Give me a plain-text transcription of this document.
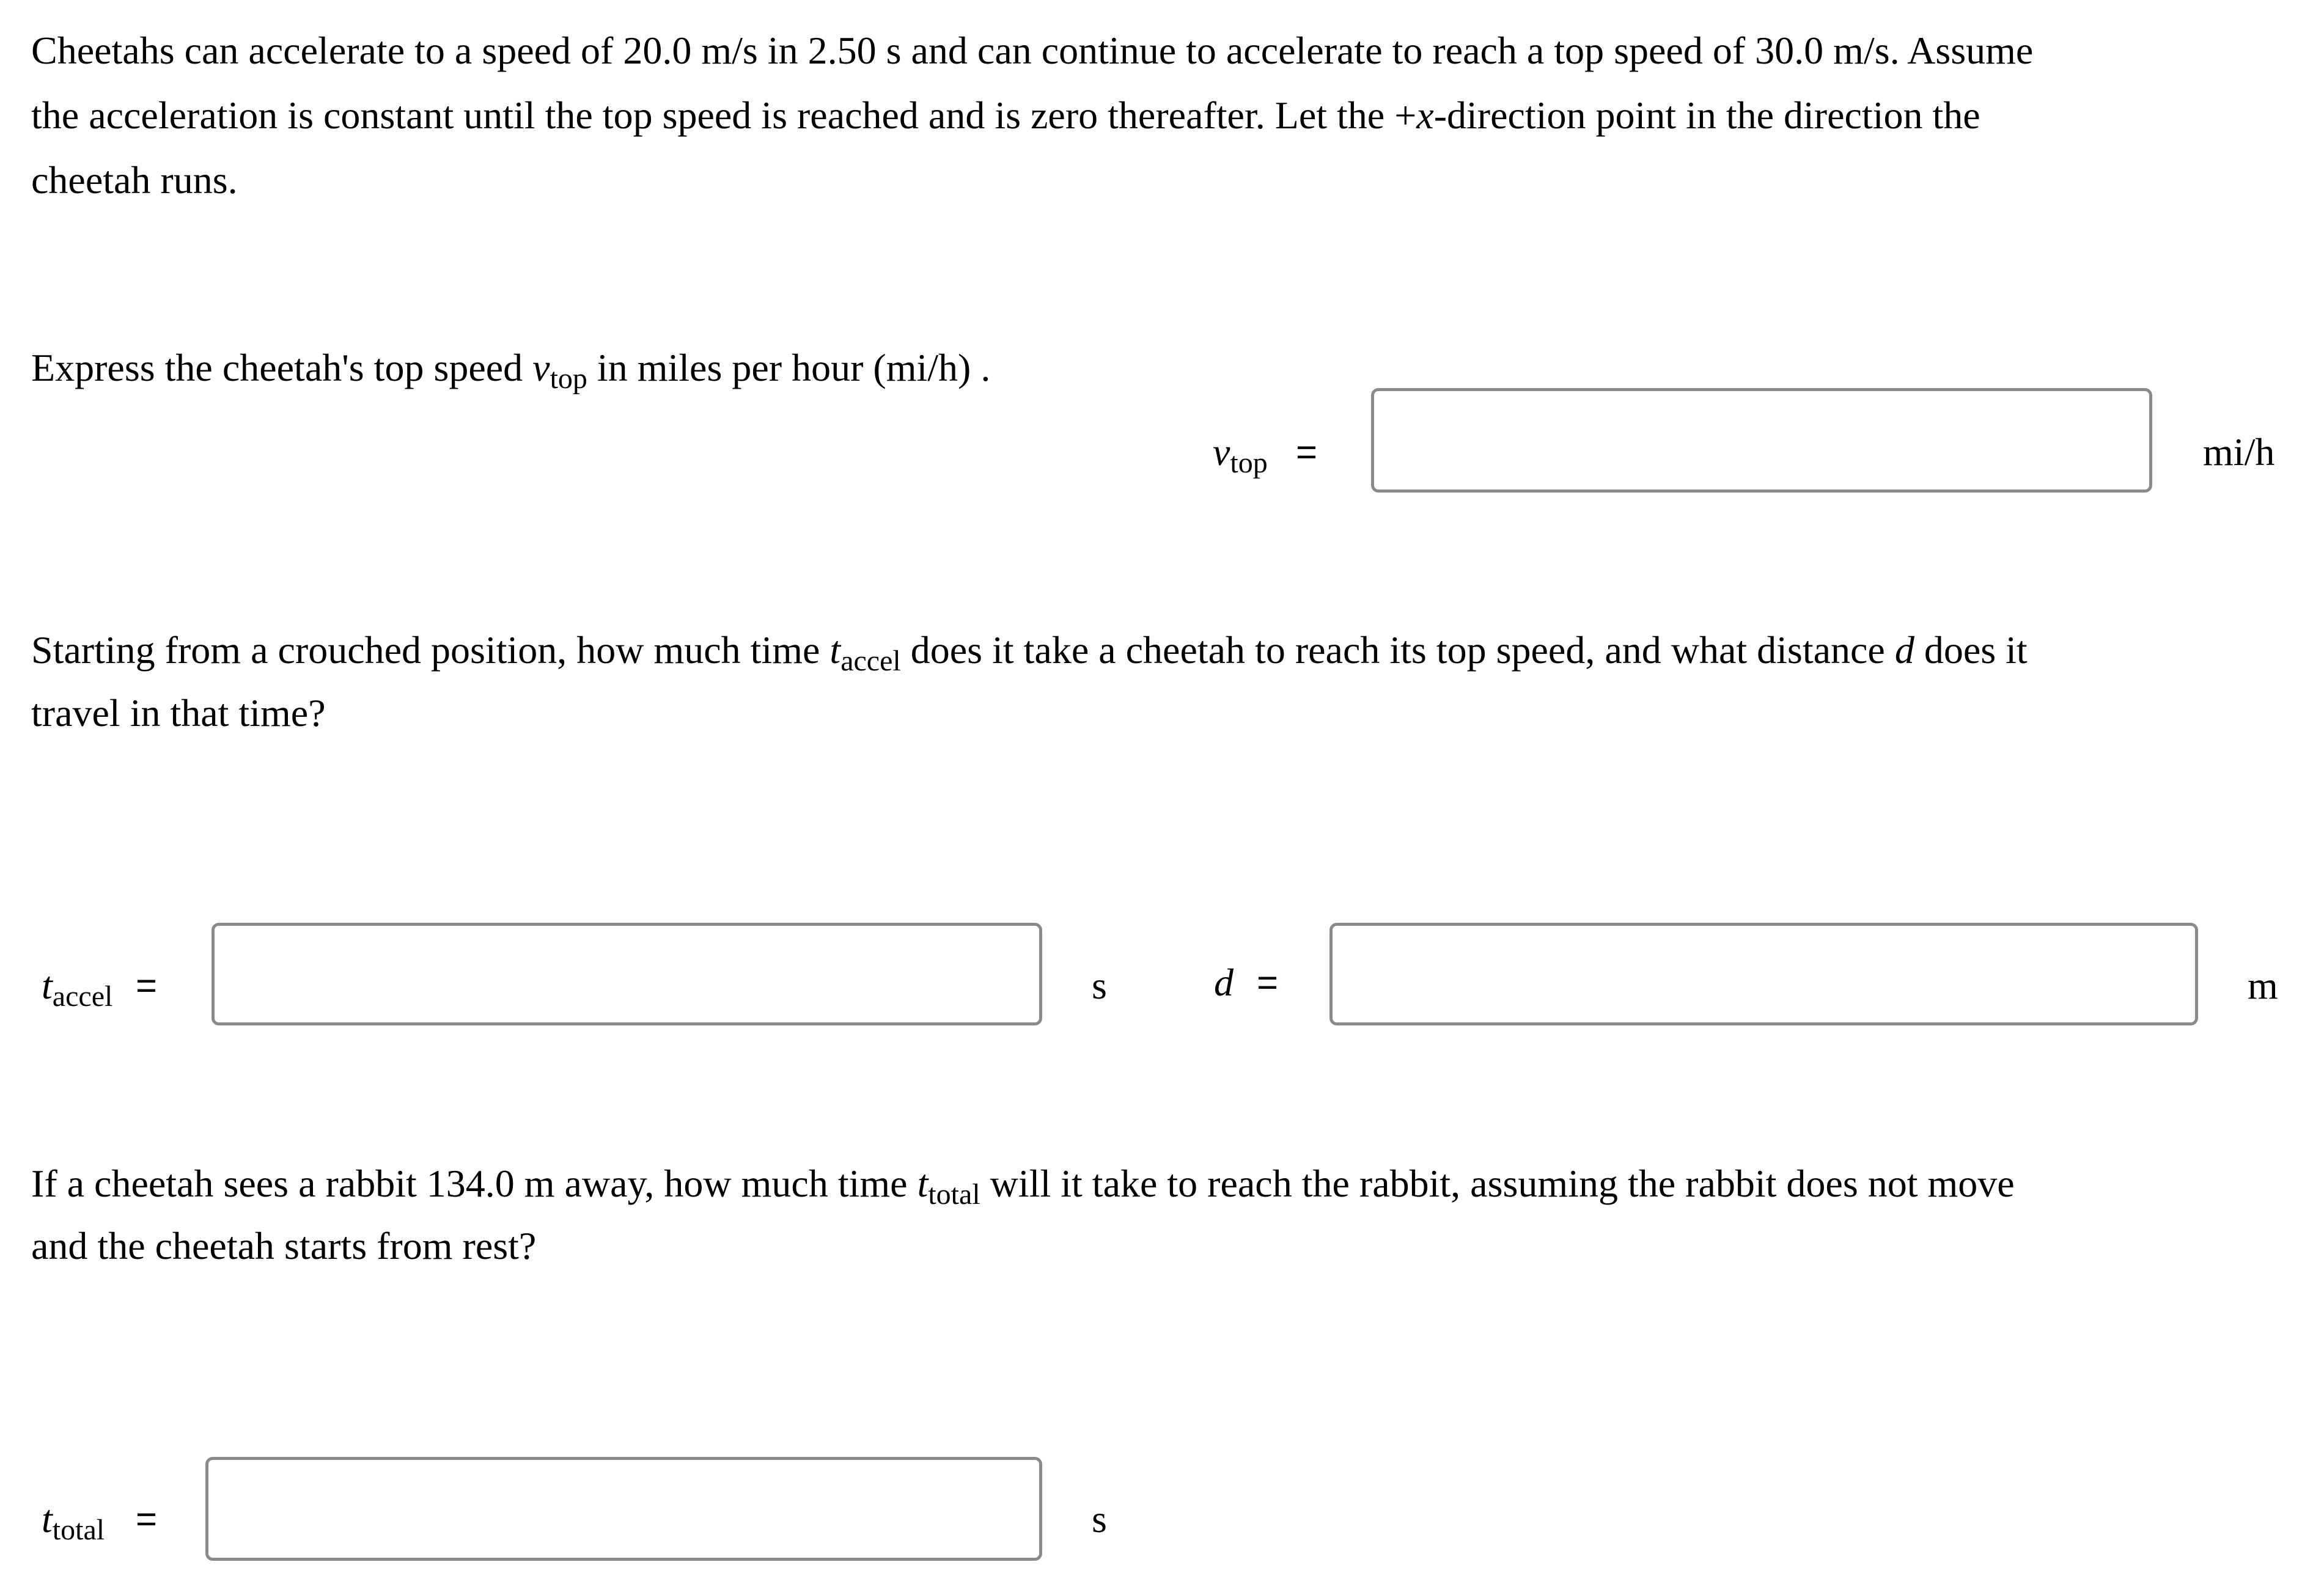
Cheetahs can accelerate to a speed of 20.0 m/s in 2.50 s and can continue to accelerate to reach a top speed of 30.0 m/s. Assume
the acceleration is constant until the top speed is reached and is zero thereafter. Let the +x-direction point in the direction the
cheetah runs.
Express the cheetah's top speed $v_{top}$ in miles per hour (mi/h) .
$v_{top}$ =	mi/h
Starting from a crouched position, how much time $t_{accel}$ does it take a cheetah to reach its top speed, and what distance d does it
travel in that time?
$t_{accel}$ =	s	d =	m
If a cheetah sees a rabbit 134.0 m away, how much time $t_{total}$ will it take to reach the rabbit, assuming the rabbit does not move
and the cheetah starts from rest?
$t_{total}$ =	s
